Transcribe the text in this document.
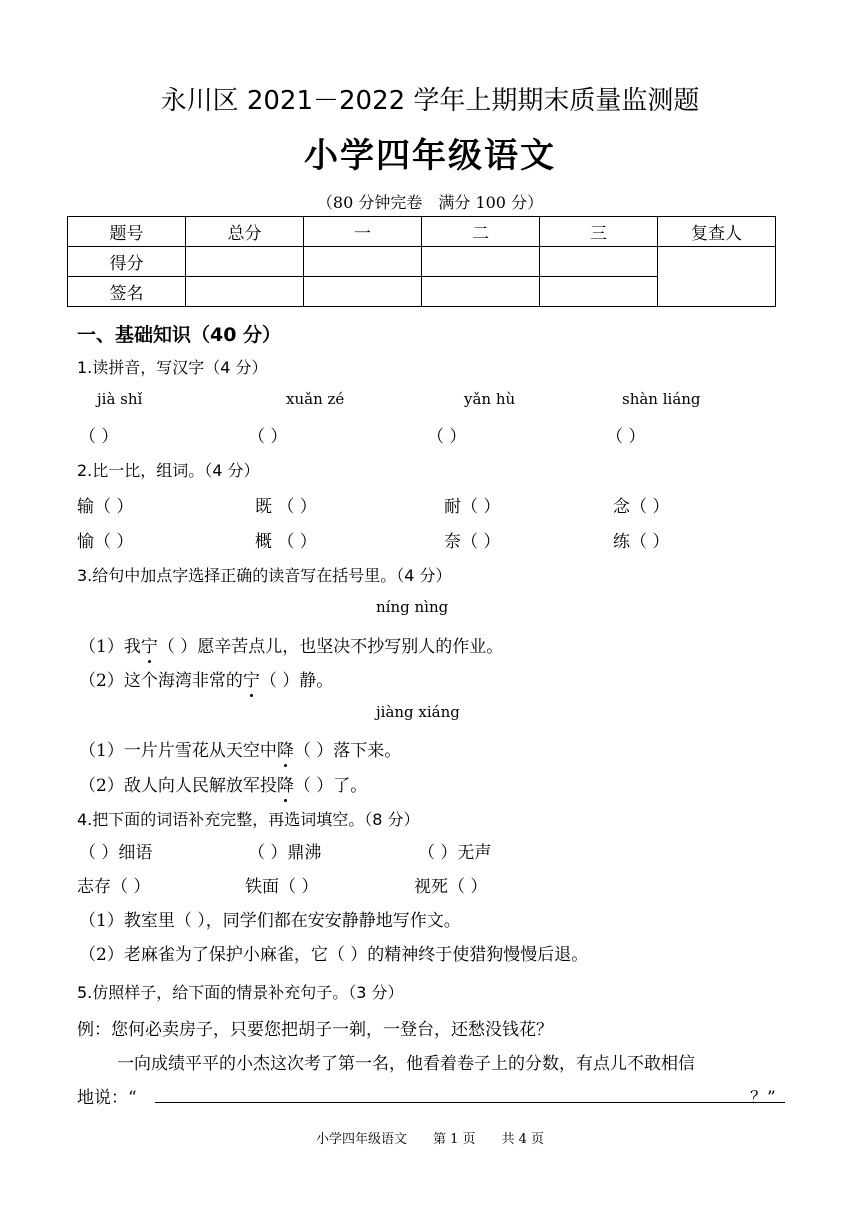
永川区 2021－2022 学年上期期末质量监测题
小学四年级语文
（80 分钟完卷　满分 100 分）
题号	总分	一	二	三	复查人
得分					
签名					
一、基础知识（40 分）
1.读拼音，写汉字（4 分）
jià shǐ	xuǎn zé	yǎn hù	shàn liáng
（ ）	（ ）	（ ）	（ ）
2.比一比，组词。（4 分）
输（ ）	既 （ ）	耐（ ）	念（ ）
愉（ ）	概 （ ）	奈（ ）	练（ ）
3.给句中加点字选择正确的读音写在括号里。（4 分）
níng nìng
（1）我宁（ ）愿辛苦点儿，也坚决不抄写别人的作业。
（2）这个海湾非常的宁（ ）静。
jiàng xiáng
（1）一片片雪花从天空中降（ ）落下来。
（2）敌人向人民解放军投降（ ）了。
4.把下面的词语补充完整，再选词填空。（8 分）
（ ）细语	（ ）鼎沸	（ ）无声
志存（ ）	铁面（ ）	视死（ ）
（1）教室里（ ），同学们都在安安静静地写作文。
（2）老麻雀为了保护小麻雀，它（ ）的精神终于使猎狗慢慢后退。
5.仿照样子，给下面的情景补充句子。（3 分）
例：您何必卖房子，只要您把胡子一剃，一登台，还愁没钱花？
一向成绩平平的小杰这次考了第一名，他看着卷子上的分数，有点儿不敢相信
地说：“	？”
小学四年级语文　　第 1 页　　共 4 页
